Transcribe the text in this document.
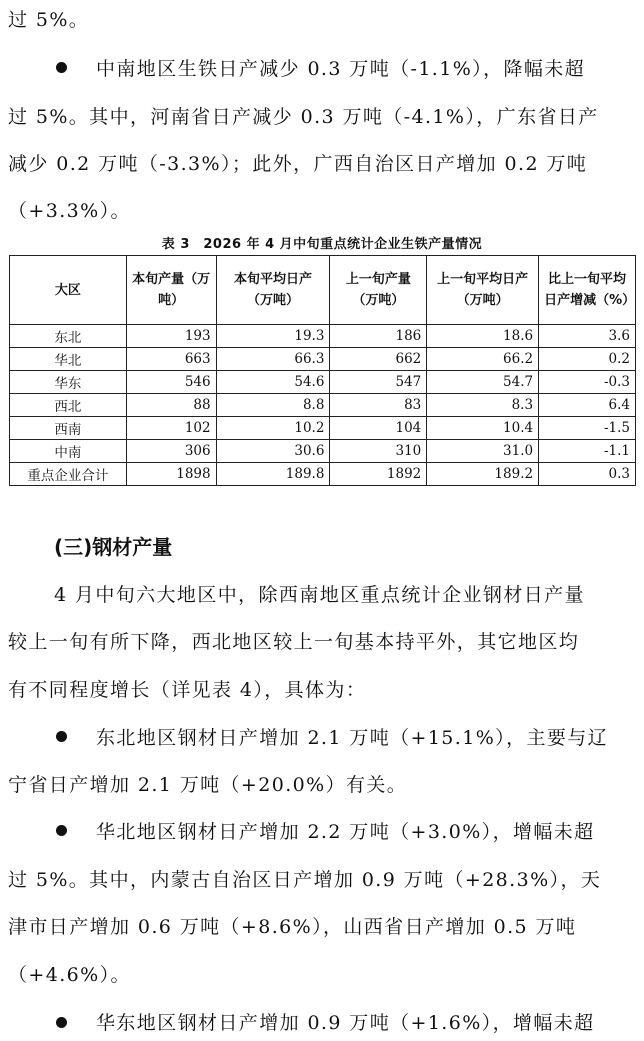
过 5%。
中南地区生铁日产减少 0.3 万吨（-1.1%），降幅未超
过 5%。其中，河南省日产减少 0.3 万吨（-4.1%），广东省日产
减少 0.2 万吨（-3.3%）；此外，广西自治区日产增加 0.2 万吨
（+3.3%）。
表 3　2026 年 4 月中旬重点统计企业生铁产量情况
大区	本旬产量（万吨）	本旬平均日产（万吨）	上一旬产量（万吨）	上一旬平均日产（万吨）	比上一旬平均日产增减（%）
东北	193	19.3	186	18.6	3.6
华北	663	66.3	662	66.2	0.2
华东	546	54.6	547	54.7	-0.3
西北	88	8.8	83	8.3	6.4
西南	102	10.2	104	10.4	-1.5
中南	306	30.6	310	31.0	-1.1
重点企业合计	1898	189.8	1892	189.2	0.3
(三)钢材产量
4 月中旬六大地区中，除西南地区重点统计企业钢材日产量
较上一旬有所下降，西北地区较上一旬基本持平外，其它地区均
有不同程度增长（详见表 4），具体为：
东北地区钢材日产增加 2.1 万吨（+15.1%），主要与辽
宁省日产增加 2.1 万吨（+20.0%）有关。
华北地区钢材日产增加 2.2 万吨（+3.0%），增幅未超
过 5%。其中，内蒙古自治区日产增加 0.9 万吨（+28.3%），天
津市日产增加 0.6 万吨（+8.6%），山西省日产增加 0.5 万吨
（+4.6%）。
华东地区钢材日产增加 0.9 万吨（+1.6%），增幅未超
